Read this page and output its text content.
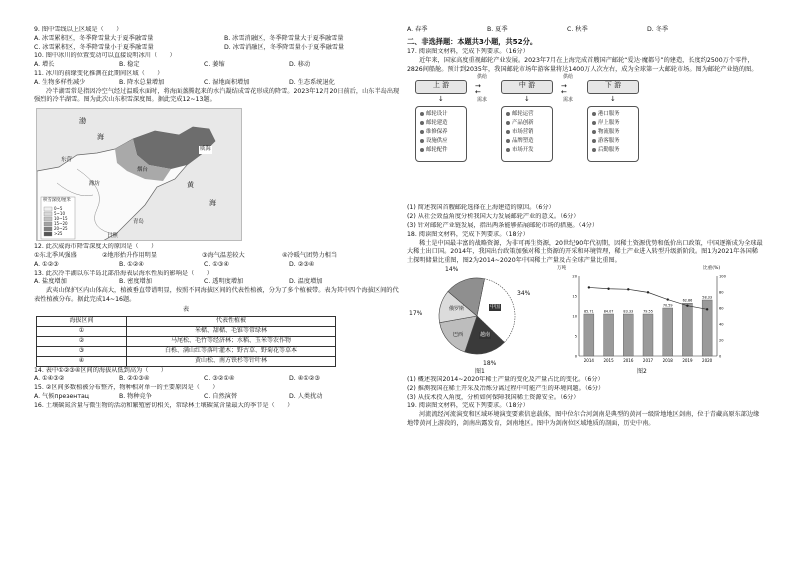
9. 图中雪线以上区域是（　　）
A. 冰雪累积区，冬季降雪量大于夏季融雪量	B. 冰雪消融区，冬季降雪量大于夏季融雪量
C. 冰雪累积区，冬季降雪量小于夏季融雪量	D. 冰雪消融区，冬季降雪量小于夏季融雪量
10. 图中冰川的位置变动可以直接说明冰川（　　）
A. 增长	B. 稳定	C. 萎缩	D. 移动
11. 冰川的前缘变化推测在此期间区域（　　）
A. 生物多样性减少	B. 降水总量增加	C. 湿地面积增加	D. 生态系统退化
冷半湖雪常是指因冷空气经过温暖水面时，将海面蒸腾起来的水汽凝结成雪花形成的降雪。2023年12月20日前后，山东半岛出现强烈的冷半湖雪。图为此次山东积雪深度图。据此完成12~13题。
渤
海
黄
海
威海
烟台
潍坊
东营
青岛
日照
积雪深度/厘米
0~5
5~10
10~15
15~20
20~25
>25
12. 此次威海市降雪深度大的原因是（　　）
①东北季风强盛	②地形抬升作用明显	③海气温差较大	④冷暖气团势力相当
A. ①②③	B. ①②④	C. ①③④	D. ②③④
13. 此次冷半湖以东半岛北部沿海表层海水性质的影响是（　　）
A. 盐度增加	B. 密度增加	C. 透明度增加	D. 温度增加
武夷山保护区内山体高大，植被垂直带谱明显，按照不同海拔区间的代表性植被，分为了多个植被带。表为其中四个海拔区间的代表性植被分布。据此完成14~16题。
表
海拔区间	代表性植被
①	米槠、甜槠、毛锥等常绿林
②	马尾松、毛竹等经济林；水稻、玉米等农作物
③	白栎、满山红等落叶灌木；野古草、野菊花等草本
④	黄山松、南方铁杉等针叶林
14. 表中①②③④区间的海拔从低到高为（　　）
A. ①④③②	B. ②①③④	C. ③②①④	D. ④①②③
15. ②区间多数植被分布整齐，物种相对单一的主要原因是（　　）
A. 气候презентац	B. 物种竞争	C. 自然演替	D. 人类扰动
16. 土壤碳氮含量与微生物的活动和繁殖密切相关，常绿林土壤碳氮含量最大的季节是（　　）
A. 春季	B. 夏季	C. 秋季	D. 冬季
二、非选择题：本题共3小题，共52分。
17. 阅读图文材料，完成下列要求。（16分）
近年来，国家高度重视邮轮产业发展。2023年7月在上海完成首艘国产邮轮“爱达·魔都号”的建造，长度约2500万个零件，2826间船舱。预计到2035年，我国邮轮市场年游客量将达1400万人次左右，成为全球第一大邮轮市场。图为邮轮产业链的图。
上 游	中 游	下 游
供给
→
←
需求
供给
→
←
需求
↓	↓	↓
邮轮设计
邮轮建造
维修保养
设施供应
邮轮配件
邮轮运营
产品创新
市场营销
品牌塑造
市场开发
港口服务
岸上服务
物流服务
游客服务
后勤服务
(1) 简述我国首艘邮轮选择在上海建造的原因。（6分）
(2) 从社会效益角度分析我国大力发展邮轮产业的意义。（6分）
(3) 针对邮轮产业链发展，指出两条能够拓展邮轮市场的措施。（4分）
18. 阅读图文材料，完成下列要求。（18分）
稀土是中国最丰富的战略资源，为非可再生资源，20世纪90年代初期，因稀土资源优势和低价出口政策，中国逐渐成为全球最大稀土出口国。2014年，我国出台政策加强对稀土资源的开采和环境管理，稀土产业进入转型升级新阶段。图1为2021年各国稀土探明储量比重图，图2为2014~2020年中国稀土产量及占全球产量比重图。
14%
34%
17%
18%
中国
越南
巴西
俄罗斯
2014
85.71
2015
84.07
2016
83.33
2017
79.55
2018
70.59
2019
62.86
2020
58.33
0
5
10
15
20
0
20
40
60
80
100
万吨	比重(%)
图1	图2
(1) 概述我国2014~2020年稀土产量的变化及产量占比的变化。（6分）
(2) 推测我国在稀土开采及冶炼分离过程中可能产生的环境问题。（6分）
(3) 从技术投入角度，分析如何保障我国稀土资源安全。（6分）
19. 阅读图文材料，完成下列要求。（18分）
河流流经河流演变和区域环境演变要素信息载体，图中位尔合河剑南是典型的黄河一级阶地地区剑南，位于青藏高原东部边缘地带黄河上游段的，剑南出露发育，剑南地区。图中为剑南位区域地质的剖面，历史中南。
